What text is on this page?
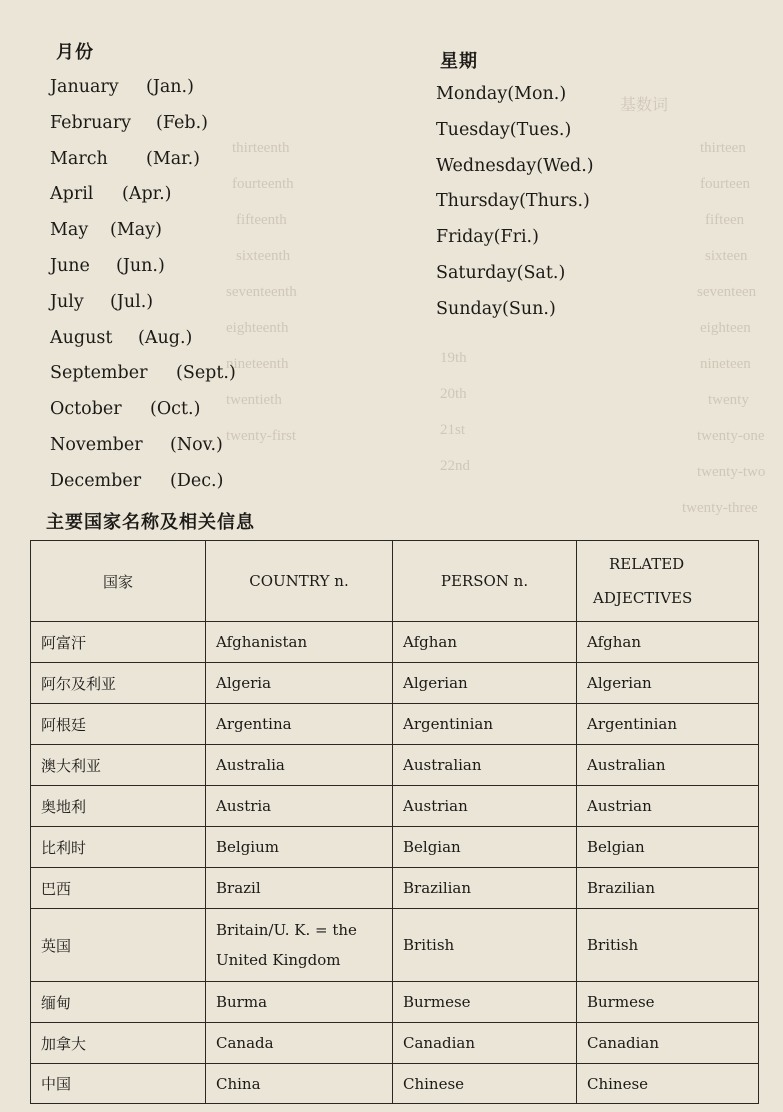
基数词
thirteen
fourteen
fifteen
sixteen
seventeen
eighteen
nineteen
twenty
twenty-one
twenty-two
twenty-three
thirteenth
fourteenth
fifteenth
sixteenth
seventeenth
eighteenth
nineteenth
twentieth
twenty-first
19th
20th
21st
22nd
月份
January (Jan.)
February (Feb.)
March (Mar.)
April (Apr.)
May (May)
June (Jun.)
July (Jul.)
August (Aug.)
September (Sept.)
October (Oct.)
November (Nov.)
December (Dec.)
星期
Monday(Mon.)
Tuesday(Tues.)
Wednesday(Wed.)
Thursday(Thurs.)
Friday(Fri.)
Saturday(Sat.)
Sunday(Sun.)
主要国家名称及相关信息
国家	COUNTRY n.	PERSON n.	RELATED
ADJECTIVES

阿富汗	Afghanistan	Afghan	Afghan
阿尔及利亚	Algeria	Algerian	Algerian
阿根廷	Argentina	Argentinian	Argentinian
澳大利亚	Australia	Australian	Australian
奥地利	Austria	Austrian	Austrian
比利时	Belgium	Belgian	Belgian
巴西	Brazil	Brazilian	Brazilian
英国	Britain/U. K. = the
United Kingdom	British	British
缅甸	Burma	Burmese	Burmese
加拿大	Canada	Canadian	Canadian
中国	China	Chinese	Chinese
